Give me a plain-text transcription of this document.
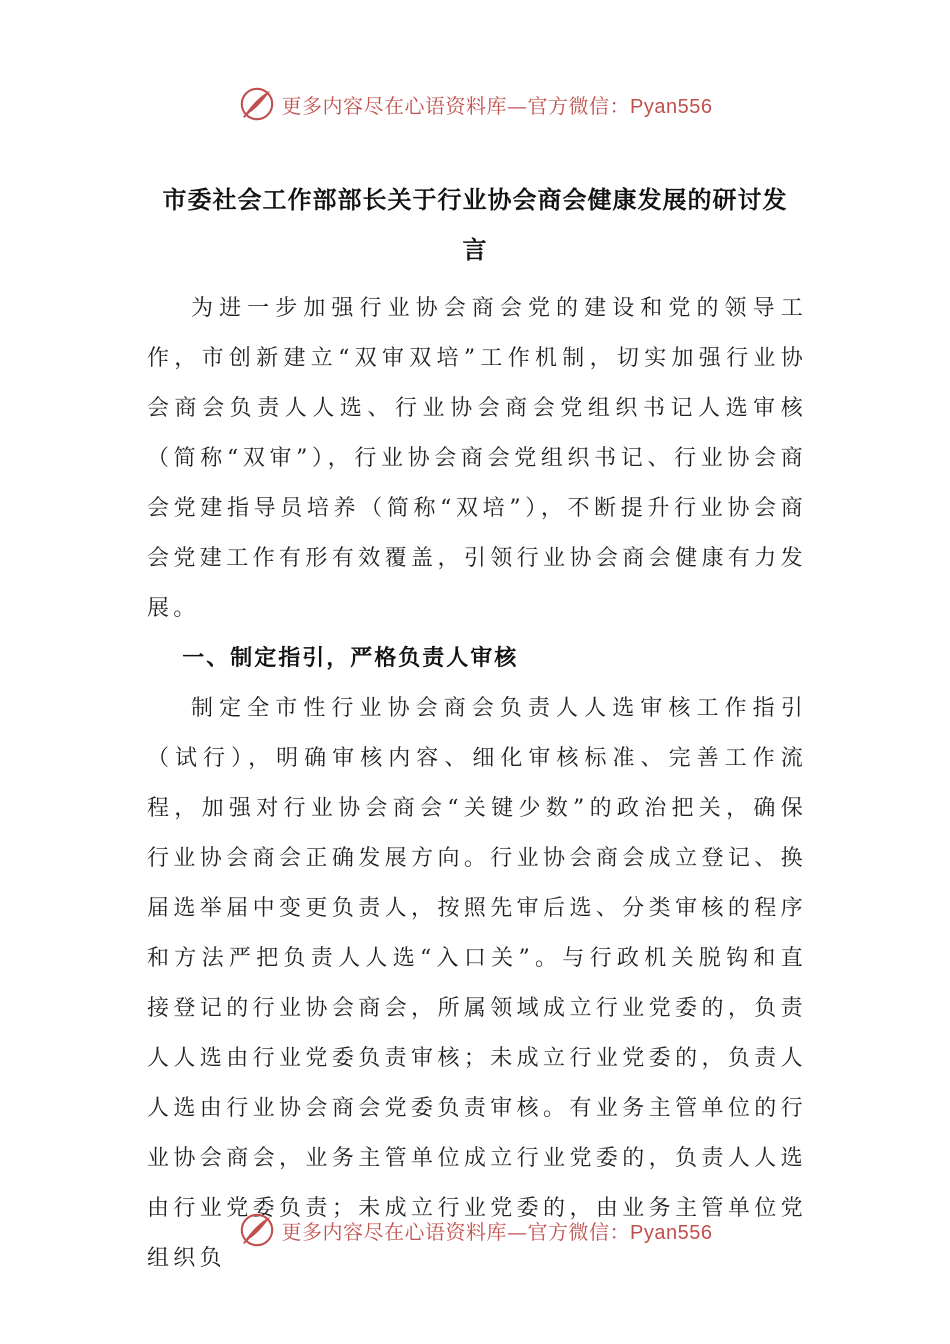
更多内容尽在心语资料库—官方微信：Pyan556
市委社会工作部部长关于行业协会商会健康发展的研讨发
言

为进一步加强行业协会商会党的建设和党的领导工作，市创新建立“双审双培”工作机制，切实加强行业协会商会负责人人选、行业协会商会党组织书记人选审核（简称“双审”），行业协会商会党组织书记、行业协会商会党建指导员培养（简称“双培”），不断提升行业协会商会党建工作有形有效覆盖，引领行业协会商会健康有力发展。

一、制定指引，严格负责人审核

制定全市性行业协会商会负责人人选审核工作指引（试行），明确审核内容、细化审核标准、完善工作流程，加强对行业协会商会“关键少数”的政治把关，确保行业协会商会正确发展方向。行业协会商会成立登记、换届选举届中变更负责人，按照先审后选、分类审核的程序和方法严把负责人人选“入口关”。与行政机关脱钩和直接登记的行业协会商会，所属领域成立行业党委的，负责人人选由行业党委负责审核；未成立行业党委的，负责人人选由行业协会商会党委负责审核。有业务主管单位的行业协会商会，业务主管单位成立行业党委的，负责人人选由行业党委负责；未成立行业党委的，由业务主管单位党组织负

更多内容尽在心语资料库—官方微信：Pyan556
